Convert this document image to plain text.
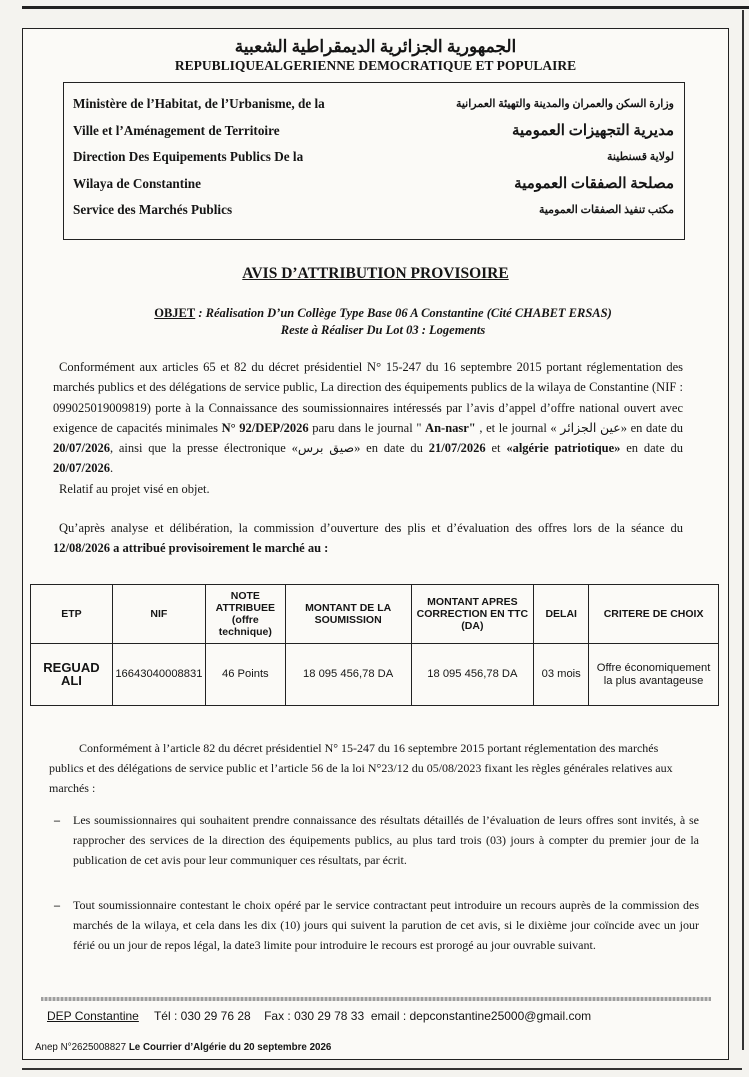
الجمهورية الجزائرية الديمقراطية الشعبية
REPUBLIQUEALGERIENNE DEMOCRATIQUE ET POPULAIRE
Ministère de l’Habitat, de l’Urbanisme, de la
Ville et l’Aménagement de Territoire
Direction Des Equipements Publics De la
Wilaya de Constantine
Service des Marchés Publics
وزارة السكن والعمران والمدينة والتهيئة العمرانية
مديرية التجهيزات العمومية
لولاية قسنطينة
مصلحة الصفقات العمومية
مكتب تنفيذ الصفقات العمومية
AVIS D’ATTRIBUTION PROVISOIRE
OBJET : Réalisation D’un Collège Type Base 06 A Constantine (Cité CHABET ERSAS)
Reste à Réaliser Du Lot 03 : Logements

Conformément aux articles 65 et 82 du décret présidentiel N° 15-247 du 16 septembre 2015 portant réglementation des marchés publics et des délégations de service public, La direction des équipements publics de la wilaya de Constantine (NIF : 099025019009819) porte à la Connaissance des soumissionnaires intéressés par l’avis d’appel d’offre national ouvert avec exigence de capacités minimales N° 92/DEP/2026 paru dans le journal " An-nasr" , et le journal « عين الجزائر» en date du 20/07/2026, ainsi que la presse électronique «صيق برس» en date du 21/07/2026 et «algérie patriotique» en date du 20/07/2026.

Relatif au projet visé en objet.

Qu’après analyse et délibération, la commission d’ouverture des plis et d’évaluation des offres lors de la séance du 12/08/2026 a attribué provisoirement le marché au :
ETP	NIF	NOTE ATTRIBUEE (offre technique)	MONTANT DE LA SOUMISSION	MONTANT APRES CORRECTION EN TTC (DA)	DELAI	CRITERE DE CHOIX
REGUAD ALI	16643040008831	46 Points	18 095 456,78 DA	18 095 456,78 DA	03 mois	Offre économiquement la plus avantageuse
Conformément à l’article 82 du décret présidentiel N° 15-247 du 16 septembre 2015 portant réglementation des marchés publics et des délégations de service public et l’article 56 de la loi N°23/12 du 05/08/2023 fixant les règles générales relatives aux marchés :
– Les soumissionnaires qui souhaitent prendre connaissance des résultats détaillés de l’évaluation de leurs offres sont invités, à se rapprocher des services de la direction des équipements publics, au plus tard trois (03) jours à compter du premier jour de la publication de cet avis pour leur communiquer ces résultats, par écrit.
– Tout soumissionnaire contestant le choix opéré par le service contractant peut introduire un recours auprès de la commission des marchés de la wilaya, et cela dans les dix (10) jours qui suivent la parution de cet avis, si le dixième jour coïncide avec un jour férié ou un jour de repos légal, la date3 limite pour introduire le recours est prorogé au jour ouvrable suivant.
DEP Constantine Tél : 030 29 76 28 Fax : 030 29 78 33 email : depconstantine25000@gmail.com
Anep N°2625008827 Le Courrier d’Algérie du 20 septembre 2026
